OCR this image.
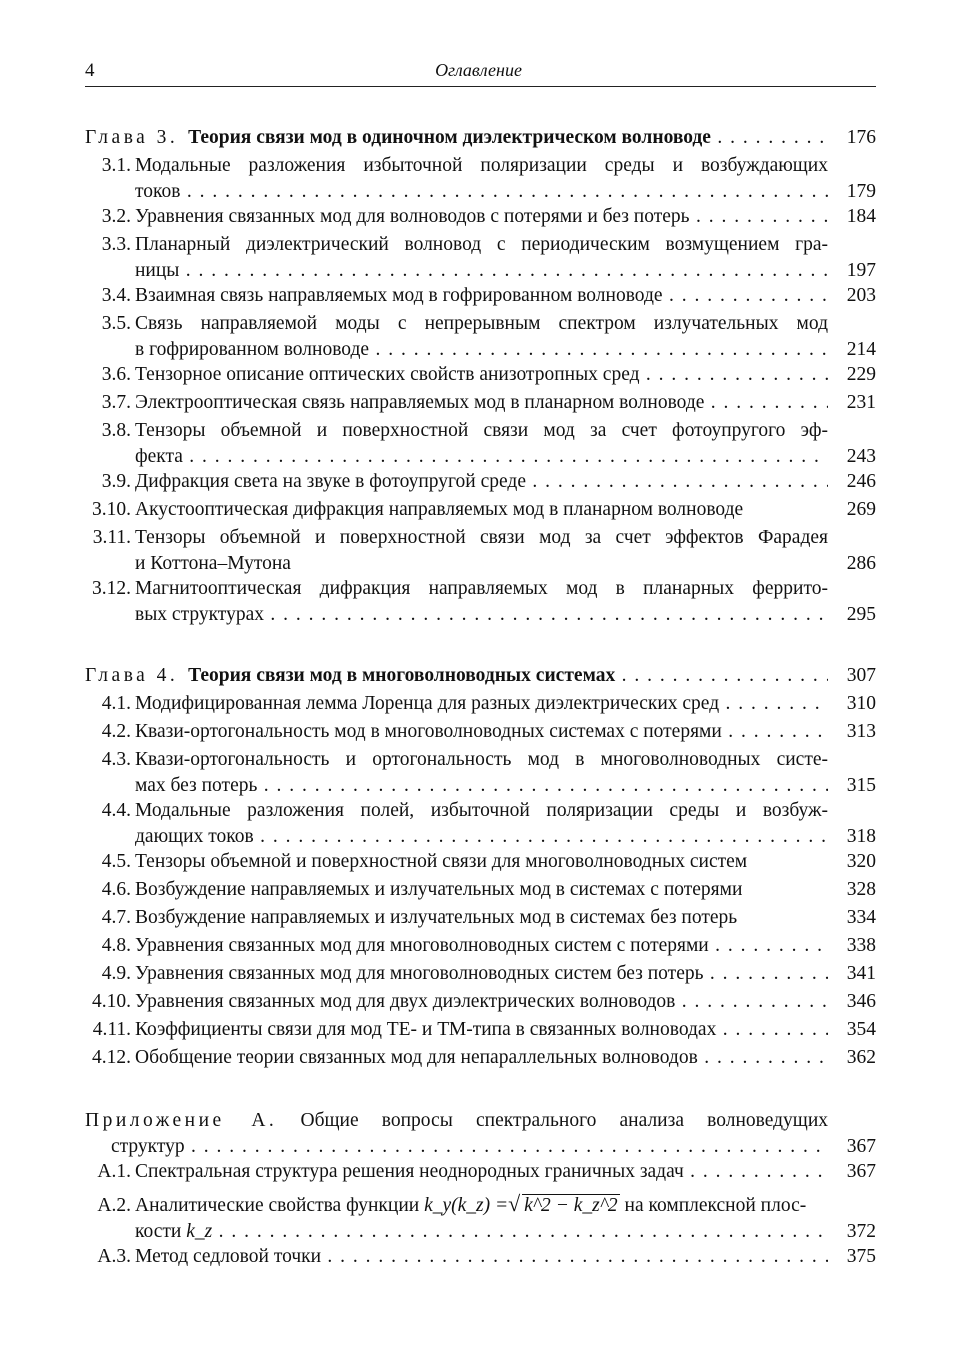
4	Оглавление
Глава 3. Теория связи мод в одиночном диэлектрическом волноводе . . .	176
3.1. Модальные разложения избыточной поляризации среды и возбуждающих
токов . . .	179
3.2. Уравнения связанных мод для волноводов с потерями и без потерь . . .	184
3.3. Планарный диэлектрический волновод с периодическим возмущением гра-
ницы . . .	197
3.4. Взаимная связь направляемых мод в гофрированном волноводе . . .	203
3.5. Связь направляемой моды с непрерывным спектром излучательных мод
в гофрированном волноводе . . .	214
3.6. Тензорное описание оптических свойств анизотропных сред . . .	229
3.7. Электрооптическая связь направляемых мод в планарном волноводе . . .	231
3.8. Тензоры объемной и поверхностной связи мод за счет фотоупругого эф-
фекта . . .	243
3.9. Дифракция света на звуке в фотоупругой среде . . .	246
3.10. Акустооптическая дифракция направляемых мод в планарном волноводе	269
3.11. Тензоры объемной и поверхностной связи мод за счет эффектов Фарадея
и Коттона–Мутона	286
3.12. Магнитооптическая дифракция направляемых мод в планарных феррито-
вых структурах . . .	295
Глава 4. Теория связи мод в многоволноводных системах . . .	307
4.1. Модифицированная лемма Лоренца для разных диэлектрических сред . . .	310
4.2. Квази-ортогональность мод в многоволноводных системах с потерями . . .	313
4.3. Квази-ортогональность и ортогональность мод в многоволноводных систе-
мах без потерь . . .	315
4.4. Модальные разложения полей, избыточной поляризации среды и возбуж-
дающих токов . . .	318
4.5. Тензоры объемной и поверхностной связи для многоволноводных систем	320
4.6. Возбуждение направляемых и излучательных мод в системах с потерями	328
4.7. Возбуждение направляемых и излучательных мод в системах без потерь	334
4.8. Уравнения связанных мод для многоволноводных систем с потерями . . .	338
4.9. Уравнения связанных мод для многоволноводных систем без потерь . . .	341
4.10. Уравнения связанных мод для двух диэлектрических волноводов . . .	346
4.11. Коэффициенты связи для мод ТЕ- и ТМ-типа в связанных волноводах . . .	354
4.12. Обобщение теории связанных мод для непараллельных волноводов . . .	362
Приложение А. Общие вопросы спектрального анализа волноведущих
структур . . .	367
А.1. Спектральная структура решения неоднородных граничных задач . . .	367
А.2. Аналитические свойства функции k_y(k_z) = √ k^2 − k_z^2 на комплексной плос-
кости k_z . . .	372
А.3. Метод седловой точки . . .	375
